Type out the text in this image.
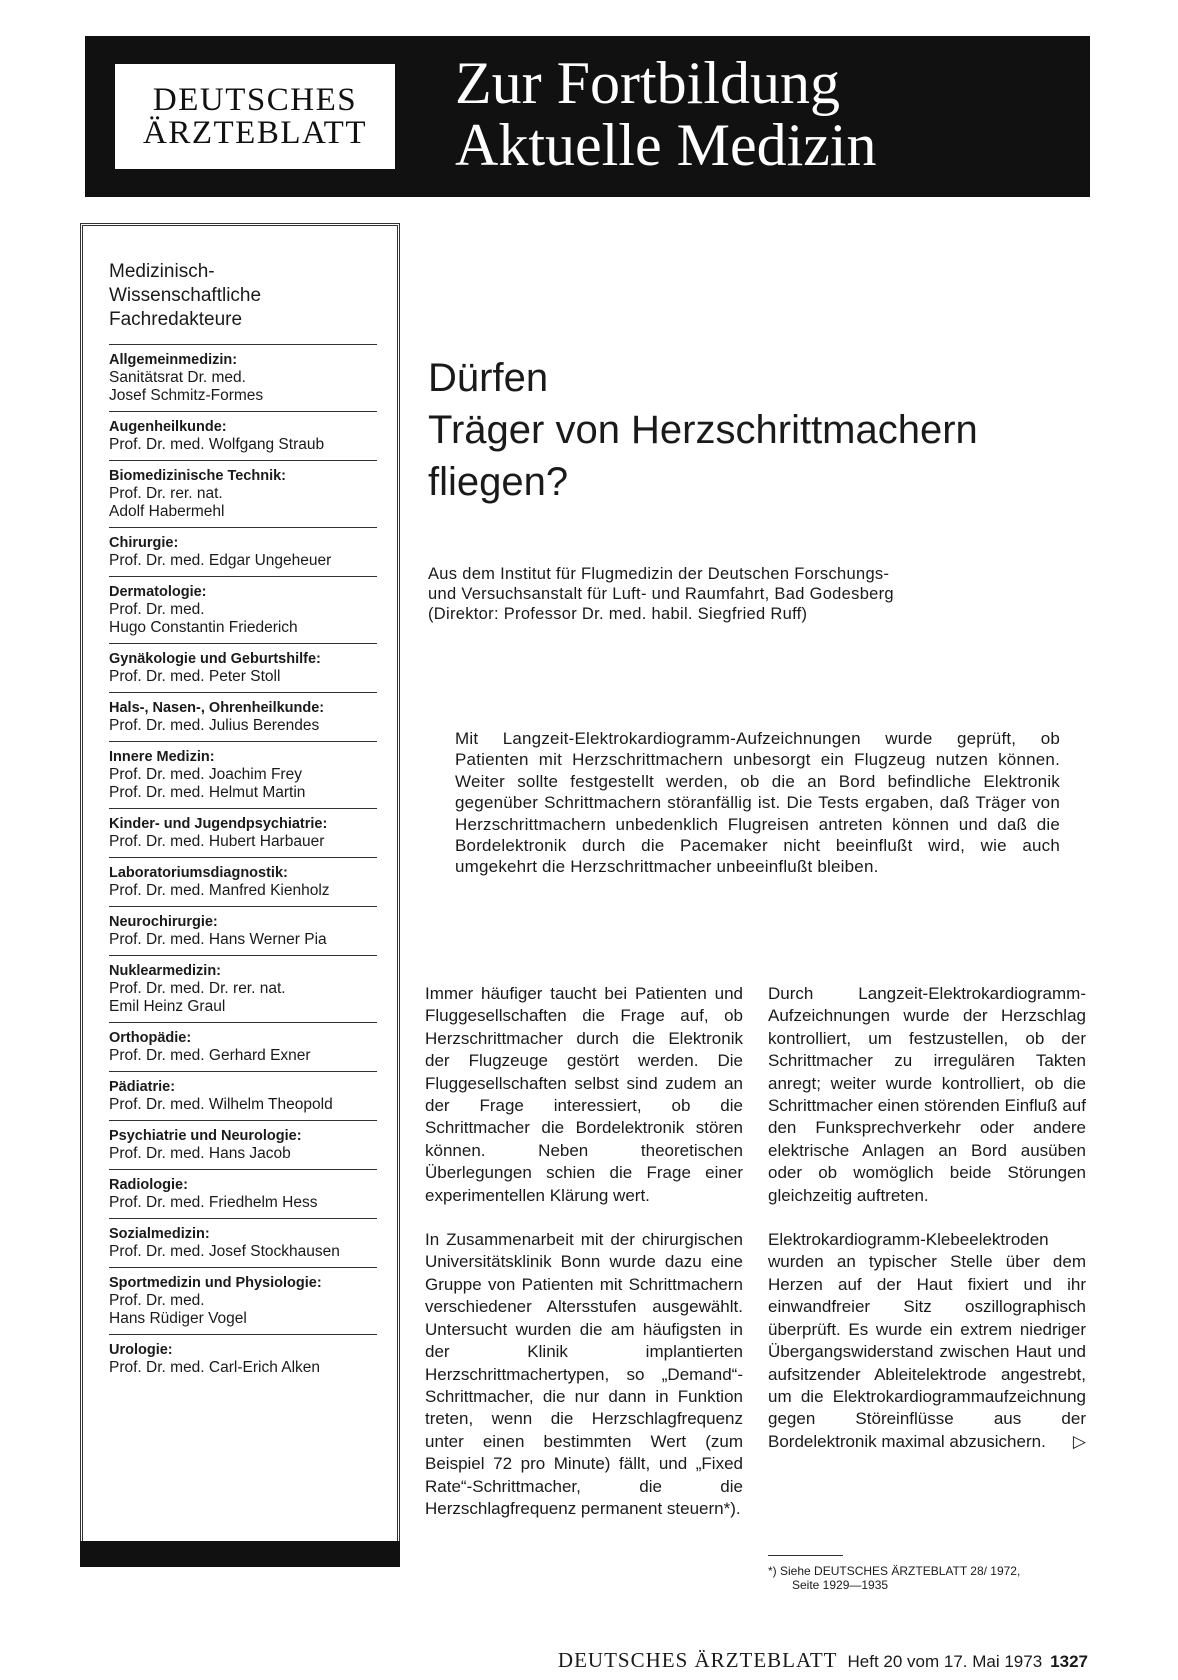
DEUTSCHES
ÄRZTEBLATT
Zur Fortbildung
Aktuelle Medizin
Medizinisch-
Wissenschaftliche
Fachredakteure
Allgemeinmedizin:
Sanitätsrat Dr. med.
Josef Schmitz-Formes
Augenheilkunde:
Prof. Dr. med. Wolfgang Straub
Biomedizinische Technik:
Prof. Dr. rer. nat.
Adolf Habermehl
Chirurgie:
Prof. Dr. med. Edgar Ungeheuer
Dermatologie:
Prof. Dr. med.
Hugo Constantin Friederich
Gynäkologie und Geburtshilfe:
Prof. Dr. med. Peter Stoll
Hals-, Nasen-, Ohrenheilkunde:
Prof. Dr. med. Julius Berendes
Innere Medizin:
Prof. Dr. med. Joachim Frey
Prof. Dr. med. Helmut Martin
Kinder- und Jugendpsychiatrie:
Prof. Dr. med. Hubert Harbauer
Laboratoriumsdiagnostik:
Prof. Dr. med. Manfred Kienholz
Neurochirurgie:
Prof. Dr. med. Hans Werner Pia
Nuklearmedizin:
Prof. Dr. med. Dr. rer. nat.
Emil Heinz Graul
Orthopädie:
Prof. Dr. med. Gerhard Exner
Pädiatrie:
Prof. Dr. med. Wilhelm Theopold
Psychiatrie und Neurologie:
Prof. Dr. med. Hans Jacob
Radiologie:
Prof. Dr. med. Friedhelm Hess
Sozialmedizin:
Prof. Dr. med. Josef Stockhausen
Sportmedizin und Physiologie:
Prof. Dr. med.
Hans Rüdiger Vogel
Urologie:
Prof. Dr. med. Carl-Erich Alken
Dürfen
Träger von Herzschrittmachern
fliegen?
Aus dem Institut für Flugmedizin der Deutschen Forschungs-
und Versuchsanstalt für Luft- und Raumfahrt, Bad Godesberg
(Direktor: Professor Dr. med. habil. Siegfried Ruff)
Mit Langzeit-Elektrokardiogramm-Aufzeichnungen wurde geprüft, ob Patienten mit Herzschrittmachern unbesorgt ein Flugzeug nutzen können. Weiter sollte festgestellt werden, ob die an Bord befindliche Elektronik gegenüber Schrittmachern störanfällig ist. Die Tests ergaben, daß Träger von Herzschrittmachern unbedenklich Flugreisen antreten können und daß die Bordelektronik durch die Pacemaker nicht beeinflußt wird, wie auch umgekehrt die Herzschrittmacher unbeeinflußt bleiben.

Immer häufiger taucht bei Patienten und Fluggesellschaften die Frage auf, ob Herzschrittmacher durch die Elektronik der Flugzeuge gestört werden. Die Fluggesellschaften selbst sind zudem an der Frage interessiert, ob die Schrittmacher die Bordelektronik stören können. Neben theoretischen Überlegungen schien die Frage einer experimentellen Klärung wert.

In Zusammenarbeit mit der chirurgischen Universitätsklinik Bonn wurde dazu eine Gruppe von Patienten mit Schrittmachern verschiedener Altersstufen ausgewählt. Untersucht wurden die am häufigsten in der Klinik implantierten Herzschrittmachertypen, so „Demand“-Schrittmacher, die nur dann in Funktion treten, wenn die Herzschlagfrequenz unter einen bestimmten Wert (zum Beispiel 72 pro Minute) fällt, und „Fixed Rate“-Schrittmacher, die die Herzschlagfrequenz permanent steuern*).

Durch Langzeit-Elektrokardiogramm-Aufzeichnungen wurde der Herzschlag kontrolliert, um festzustellen, ob der Schrittmacher zu irregulären Takten anregt; weiter wurde kontrolliert, ob die Schrittmacher einen störenden Einfluß auf den Funksprechverkehr oder andere elektrische Anlagen an Bord ausüben oder ob womöglich beide Störungen gleichzeitig auftreten.

Elektrokardiogramm-Klebeelektroden wurden an typischer Stelle über dem Herzen auf der Haut fixiert und ihr einwandfreier Sitz oszillographisch überprüft. Es wurde ein extrem niedriger Übergangswiderstand zwischen Haut und aufsitzender Ableitelektrode angestrebt, um die Elektrokardiogrammaufzeichnung gegen Störeinflüsse aus der Bordelektronik maximal abzusichern. ▷

*) Siehe DEUTSCHES ÄRZTEBLATT 28/ 1972,
Seite 1929—1935
DEUTSCHES ÄRZTEBLATT Heft 20 vom 17. Mai 1973 1327
